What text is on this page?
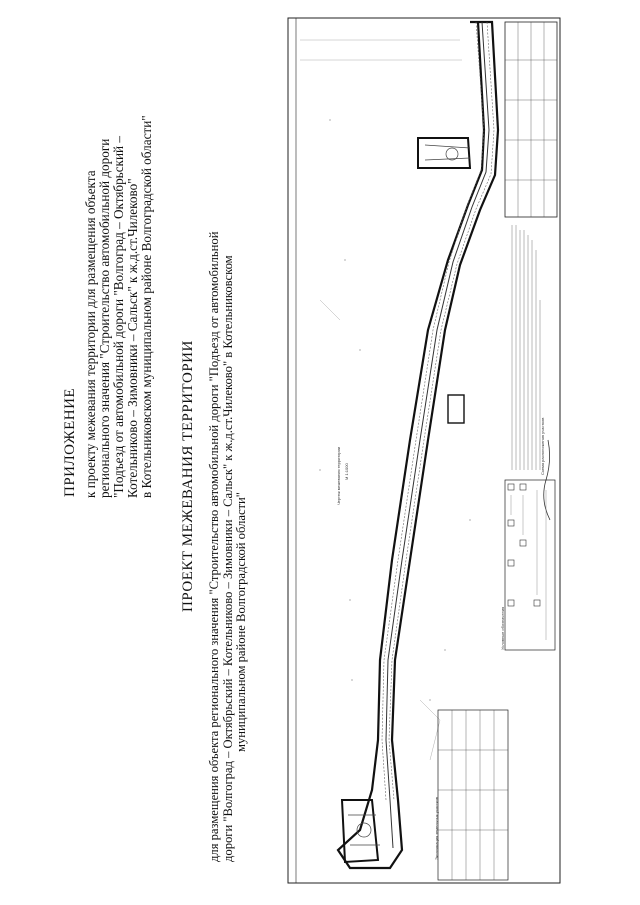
ПРИЛОЖЕНИЕ к проекту межевания территории для размещения объекта регионального значения "Строительство автомобильной дороги "Подъезд от автомобильной дороги "Волгоград – Октябрьский – Котельниково – Зимовники – Сальск" к ж.д.ст.Чилеково" в Котельниковском муниципальном районе Волгоградской области" ПРОЕКТ МЕЖЕВАНИЯ ТЕРРИТОРИИ для размещения объекта регионального значения "Строительство автомобильной дороги "Подъезд от автомобильной дороги "Волгоград – Октябрьский – Котельниково – Зимовники – Сальск" к ж.д.ст.Чилеково" в Котельниковском муниципальном районе Волгоградской области"
Чертеж межевания территории М 1:1000
Экспликация земельных участков
Условные обозначения
Схема расположения участков
